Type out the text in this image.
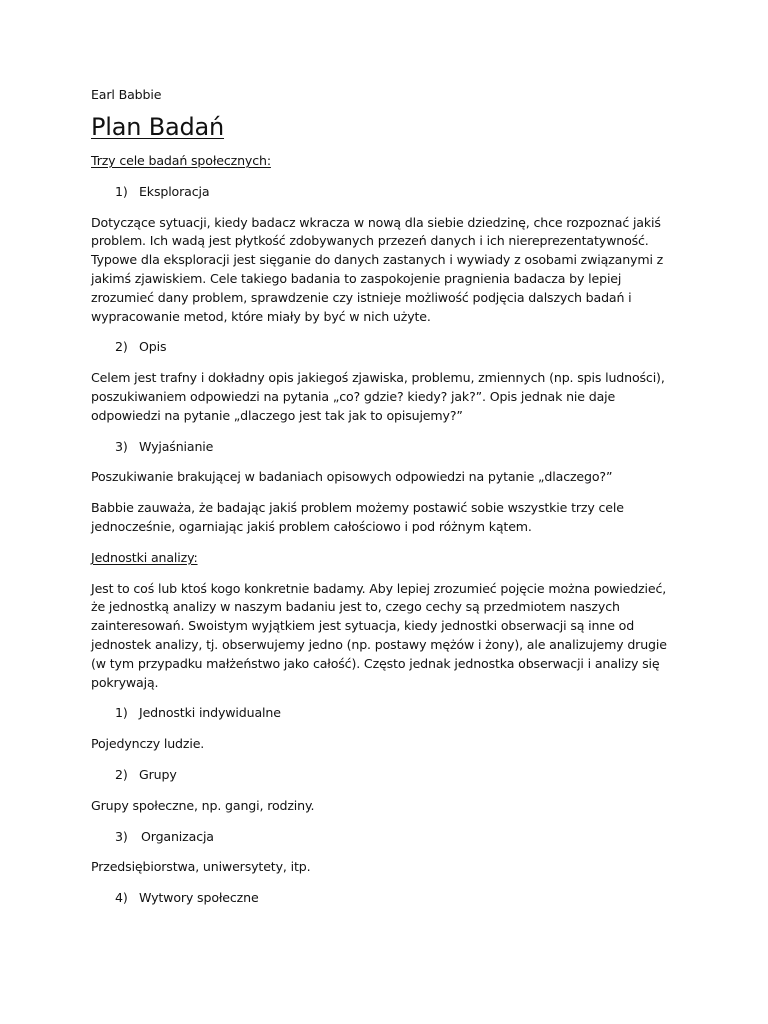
Earl Babbie
Plan Badań
Trzy cele badań społecznych:
1) Eksploracja

Dotyczące sytuacji, kiedy badacz wkracza w nową dla siebie dziedzinę, chce rozpoznać jakiś problem. Ich wadą jest płytkość zdobywanych przezeń danych i ich niereprezentatywność. Typowe dla eksploracji jest sięganie do danych zastanych i wywiady z osobami związanymi z jakimś zjawiskiem. Cele takiego badania to zaspokojenie pragnienia badacza by lepiej zrozumieć dany problem, sprawdzenie czy istnieje możliwość podjęcia dalszych badań i wypracowanie metod, które miały by być w nich użyte.

2) Opis

Celem jest trafny i dokładny opis jakiegoś zjawiska, problemu, zmiennych (np. spis ludności), poszukiwaniem odpowiedzi na pytania „co? gdzie? kiedy? jak?”. Opis jednak nie daje odpowiedzi na pytanie „dlaczego jest tak jak to opisujemy?”

3) Wyjaśnianie

Poszukiwanie brakującej w badaniach opisowych odpowiedzi na pytanie „dlaczego?”

Babbie zauważa, że badając jakiś problem możemy postawić sobie wszystkie trzy cele jednocześnie, ogarniając jakiś problem całościowo i pod różnym kątem.

Jednostki analizy:

Jest to coś lub ktoś kogo konkretnie badamy. Aby lepiej zrozumieć pojęcie można powiedzieć, że jednostką analizy w naszym badaniu jest to, czego cechy są przedmiotem naszych zainteresowań. Swoistym wyjątkiem jest sytuacja, kiedy jednostki obserwacji są inne od jednostek analizy, tj. obserwujemy jedno (np. postawy mężów i żony), ale analizujemy drugie (w tym przypadku małżeństwo jako całość). Często jednak jednostka obserwacji i analizy się pokrywają.

1) Jednostki indywidualne

Pojedynczy ludzie.

2) Grupy

Grupy społeczne, np. gangi, rodziny.

3)	Organizacja

Przedsiębiorstwa, uniwersytety, itp.

4) Wytwory społeczne
